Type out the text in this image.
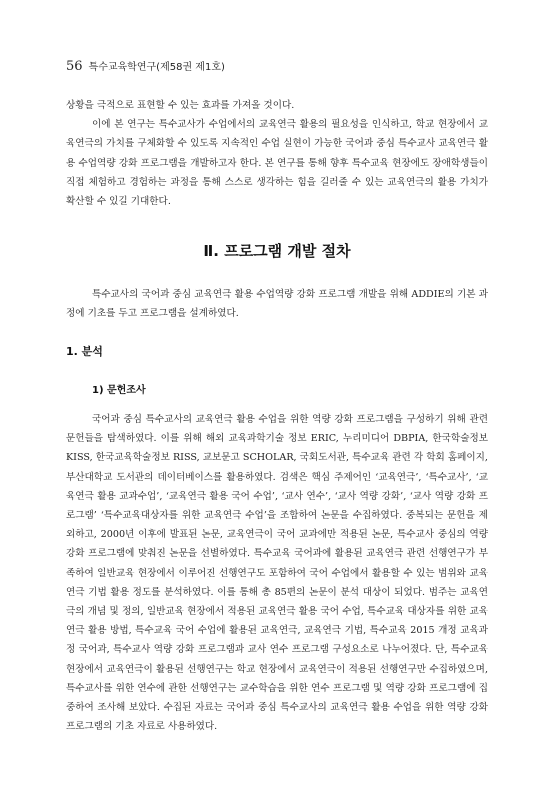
56 특수교육학연구(제58권 제1호)

상황을 극적으로 표현할 수 있는 효과를 가져올 것이다.

이에 본 연구는 특수교사가 수업에서의 교육연극 활용의 필요성을 인식하고, 학교 현장에서 교육연극의 가치를 구체화할 수 있도록 지속적인 수업 실현이 가능한 국어과 중심 특수교사 교육연극 활용 수업역량 강화 프로그램을 개발하고자 한다. 본 연구를 통해 향후 특수교육 현장에도 장애학생들이 직접 체험하고 경험하는 과정을 통해 스스로 생각하는 힘을 길러줄 수 있는 교육연극의 활용 가치가 확산할 수 있길 기대한다.

Ⅱ. 프로그램 개발 절차

특수교사의 국어과 중심 교육연극 활용 수업역량 강화 프로그램 개발을 위해 ADDIE의 기본 과정에 기초를 두고 프로그램을 설계하였다.

1. 분석
1) 문헌조사

국어과 중심 특수교사의 교육연극 활용 수업을 위한 역량 강화 프로그램을 구성하기 위해 관련 문헌들을 탐색하였다. 이를 위해 해외 교육과학기술 정보 ERIC, 누리미디어 DBPIA, 한국학술정보 KISS, 한국교육학술정보 RISS, 교보문고 SCHOLAR, 국회도서관, 특수교육 관련 각 학회 홈페이지, 부산대학교 도서관의 데이터베이스를 활용하였다. 검색은 핵심 주제어인 ‘교육연극’, ‘특수교사’, ‘교육연극 활용 교과수업’, ‘교육연극 활용 국어 수업’, ‘교사 연수’, ‘교사 역량 강화’, ‘교사 역량 강화 프로그램’ ‘특수교육대상자를 위한 교육연극 수업’을 조합하여 논문을 수집하였다. 중복되는 문헌을 제외하고, 2000년 이후에 발표된 논문, 교육연극이 국어 교과에만 적용된 논문, 특수교사 중심의 역량 강화 프로그램에 맞춰진 논문을 선별하였다. 특수교육 국어과에 활용된 교육연극 관련 선행연구가 부족하여 일반교육 현장에서 이루어진 선행연구도 포함하여 국어 수업에서 활용할 수 있는 범위와 교육연극 기법 활용 정도를 분석하였다. 이를 통해 총 85편의 논문이 분석 대상이 되었다. 범주는 교육연극의 개념 및 정의, 일반교육 현장에서 적용된 교육연극 활용 국어 수업, 특수교육 대상자를 위한 교육연극 활용 방법, 특수교육 국어 수업에 활용된 교육연극, 교육연극 기법, 특수교육 2015 개정 교육과정 국어과, 특수교사 역량 강화 프로그램과 교사 연수 프로그램 구성요소로 나누어졌다. 단, 특수교육 현장에서 교육연극이 활용된 선행연구는 학교 현장에서 교육연극이 적용된 선행연구만 수집하였으며, 특수교사를 위한 연수에 관한 선행연구는 교수학습을 위한 연수 프로그램 및 역량 강화 프로그램에 집중하여 조사해 보았다. 수집된 자료는 국어과 중심 특수교사의 교육연극 활용 수업을 위한 역량 강화 프로그램의 기초 자료로 사용하였다.
